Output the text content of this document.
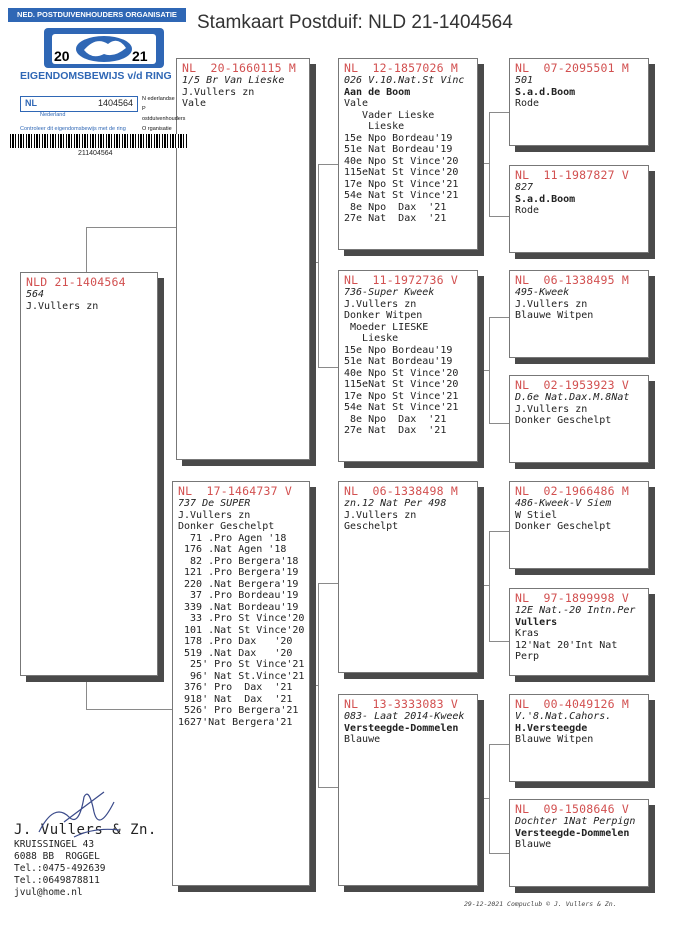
Stamkaart Postduif: NLD 21-1404564
NLD 21-1404564
564
J.Vullers zn
NL  20-1660115 M
1/5 Br Van Lieske
J.Vullers zn
Vale
NL  17-1464737 V
737 De SUPER
J.Vullers zn
Donker Geschelpt
71 .Pro Agen '18
176 .Nat Agen '18
82 .Pro Bergera'18
121 .Pro Bergera'19
220 .Nat Bergera'19
37 .Pro Bordeau'19
339 .Nat Bordeau'19
33 .Pro St Vince'20
101 .Nat St Vince'20
178 .Pro Dax   '20
519 .Nat Dax   '20
25' Pro St Vince'21
96' Nat St.Vince'21
376' Pro  Dax  '21
918' Nat  Dax  '21
526' Pro Bergera'21
1627'Nat Bergera'21
NL  12-1857026 M
026 V.10.Nat.St Vinc
Aan de Boom
Vale
Vader Lieske
Lieske
15e Npo Bordeau'19
51e Nat Bordeau'19
40e Npo St Vince'20
115eNat St Vince'20
17e Npo St Vince'21
54e Nat St Vince'21
8e Npo  Dax  '21
27e Nat  Dax  '21
NL  11-1972736 V
736-Super Kweek
J.Vullers zn
Donker Witpen
Moeder LIESKE
Lieske
15e Npo Bordeau'19
51e Nat Bordeau'19
40e Npo St Vince'20
115eNat St Vince'20
17e Npo St Vince'21
54e Nat St Vince'21
8e Npo  Dax  '21
27e Nat  Dax  '21
NL  06-1338498 M
zn.12 Nat Per 498
J.Vullers zn
Geschelpt
NL  13-3333083 V
083- Laat 2014-Kweek
Versteegde-Dommelen
Blauwe
NL  07-2095501 M
501
S.a.d.Boom
Rode
NL  11-1987827 V
827
S.a.d.Boom
Rode
NL  06-1338495 M
495-Kweek
J.Vullers zn
Blauwe Witpen
NL  02-1953923 V
D.6e Nat.Dax.M.8Nat
J.Vullers zn
Donker Geschelpt
NL  02-1966486 M
486-Kweek-V Siem
W Stiel
Donker Geschelpt
NL  97-1899998 V
12E Nat.-20 Intn.Per
Vullers
Kras
12'Nat 20'Int Nat
Perp
NL  00-4049126 M
V.'8.Nat.Cahors.
H.Versteegde
Blauwe Witpen
NL  09-1508646 V
Dochter 1Nat Perpign
Versteegde-Dommelen
Blauwe
NED. POSTDUIVENHOUDERS ORGANISATIE
20	21
EIGENDOMSBEWIJS v/d RING
NL	1404564
Nederland
N ederlandse
P ostduivenhouders
O rganisatie
Controleer dit eigendomsbewijs met de ring
211404564
J. Vullers & Zn.
KRUISSINGEL 43
6088 BB  ROGGEL
Tel.:0475-492639
Tel.:0649878811
jvul@home.nl
29-12-2021 Compuclub © J. Vullers & Zn.
